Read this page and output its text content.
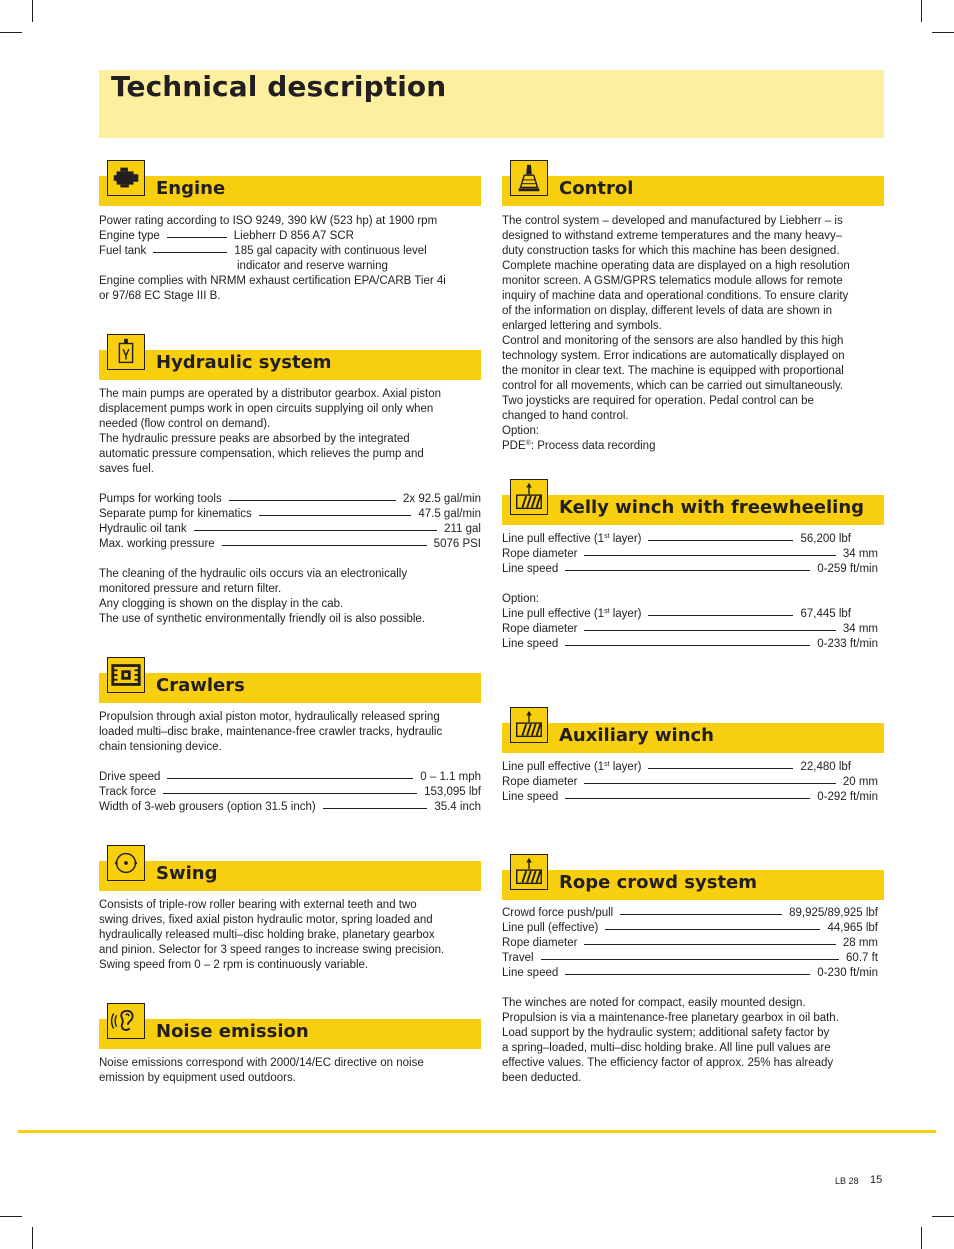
Technical description
Engine

Power rating according to ISO 9249, 390 kW (523 hp) at 1900 rpm

Engine type	Liebherr D 856 A7 SCR
Fuel tank	185 gal capacity with continuous level

indicator and reserve warning

Engine complies with NRMM exhaust certification EPA/CARB Tier 4i

or 97/68 EC Stage III B.

Hydraulic system

The main pumps are operated by a distributor gearbox. Axial piston

displacement pumps work in open circuits supplying oil only when

needed (flow control on demand).

The hydraulic pressure peaks are absorbed by the integrated

automatic pressure compensation, which relieves the pump and

saves fuel.

Pumps for working tools	2x 92.5 gal/min
Separate pump for kinematics	47.5 gal/min
Hydraulic oil tank	211 gal
Max. working pressure	5076 PSI

The cleaning of the hydraulic oils occurs via an electronically

monitored pressure and return filter.

Any clogging is shown on the display in the cab.

The use of synthetic environmentally friendly oil is also possible.

Crawlers

Propulsion through axial piston motor, hydraulically released spring

loaded multi–disc brake, maintenance-free crawler tracks, hydraulic

chain tensioning device.

Drive speed	0 – 1.1 mph
Track force	153,095 lbf
Width of 3-web grousers (option 31.5 inch)	35.4 inch
Swing

Consists of triple-row roller bearing with external teeth and two

swing drives, fixed axial piston hydraulic motor, spring loaded and

hydraulically released multi–disc holding brake, planetary gearbox

and pinion. Selector for 3 speed ranges to increase swing precision.

Swing speed from 0 – 2 rpm is continuously variable.

Noise emission

Noise emissions correspond with 2000/14/EC directive on noise

emission by equipment used outdoors.

Control

The control system – developed and manufactured by Liebherr – is

designed to withstand extreme temperatures and the many heavy–

duty construction tasks for which this machine has been designed.

Complete machine operating data are displayed on a high resolution

monitor screen. A GSM/GPRS telematics module allows for remote

inquiry of machine data and operational conditions. To ensure clarity

of the information on display, different levels of data are shown in

enlarged lettering and symbols.

Control and monitoring of the sensors are also handled by this high

technology system. Error indications are automatically displayed on

the monitor in clear text. The machine is equipped with proportional

control for all movements, which can be carried out simultaneously.

Two joysticks are required for operation. Pedal control can be

changed to hand control.

Option:

PDE®: Process data recording

Kelly winch with freewheeling
Line pull effective (1st layer)	56,200 lbf
Rope diameter	34 mm
Line speed	0-259 ft/min

Option:

Line pull effective (1st layer)	67,445 lbf
Rope diameter	34 mm
Line speed	0-233 ft/min
Auxiliary winch
Line pull effective (1st layer)	22,480 lbf
Rope diameter	20 mm
Line speed	0-292 ft/min
Rope crowd system
Crowd force push/pull	89,925/89,925 lbf
Line pull (effective)	44,965 lbf
Rope diameter	28 mm
Travel	60.7 ft
Line speed	0-230 ft/min

The winches are noted for compact, easily mounted design.

Propulsion is via a maintenance-free planetary gearbox in oil bath.

Load support by the hydraulic system; additional safety factor by

a spring–loaded, multi–disc holding brake. All line pull values are

effective values. The efficiency factor of approx. 25% has already

been deducted.

LB 28 15
